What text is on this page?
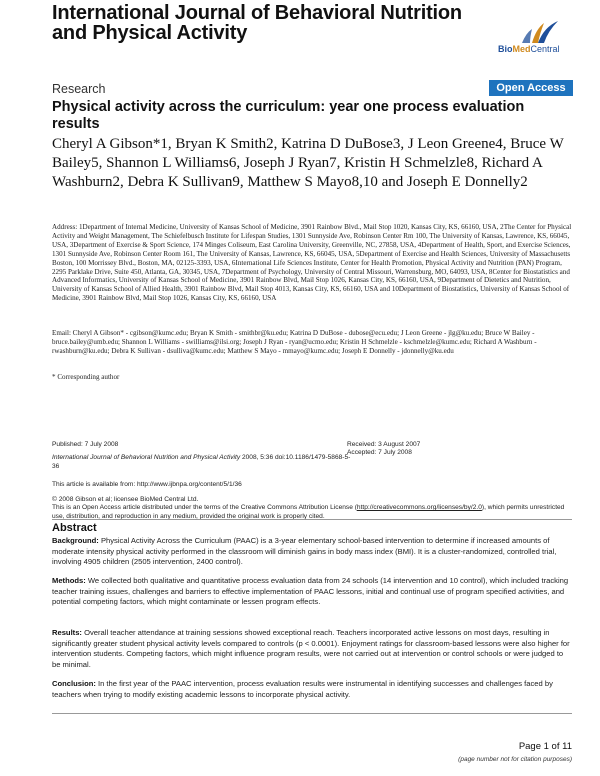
International Journal of Behavioral Nutrition and Physical Activity
BioMedCentral
Research	Open Access
Physical activity across the curriculum: year one process evaluation results
Cheryl A Gibson*1, Bryan K Smith2, Katrina D DuBose3, J Leon Greene4, Bruce W Bailey5, Shannon L Williams6, Joseph J Ryan7, Kristin H Schmelzle8, Richard A Washburn2, Debra K Sullivan9, Matthew S Mayo8,10 and Joseph E Donnelly2
Address: 1Department of Internal Medicine, University of Kansas School of Medicine, 3901 Rainbow Blvd., Mail Stop 1020, Kansas City, KS, 66160, USA, 2The Center for Physical Activity and Weight Management, The Schiefelbusch Institute for Lifespan Studies, 1301 Sunnyside Ave, Robinson Center Rm 100, The University of Kansas, Lawrence, KS, 66045, USA, 3Department of Exercise & Sport Science, 174 Minges Coliseum, East Carolina University, Greenville, NC, 27858, USA, 4Department of Health, Sport, and Exercise Sciences, 1301 Sunnyside Ave, Robinson Center Room 161, The University of Kansas, Lawrence, KS, 66045, USA, 5Department of Exercise and Health Sciences, University of Massachusetts Boston, 100 Morrissey Blvd., Boston, MA, 02125-3393, USA, 6International Life Sciences Institute, Center for Health Promotion, Physical Activity and Nutrition (PAN) Program, 2295 Parklake Drive, Suite 450, Atlanta, GA, 30345, USA, 7Department of Psychology, University of Central Missouri, Warrensburg, MO, 64093, USA, 8Center for Biostatistics and Advanced Informatics, University of Kansas School of Medicine, 3901 Rainbow Blvd, Mail Stop 1026, Kansas City, KS, 66160, USA, 9Department of Dietetics and Nutrition, University of Kansas School of Allied Health, 3901 Rainbow Blvd, Mail Stop 4013, Kansas City, KS, 66160, USA and 10Department of Biostatistics, University of Kansas School of Medicine, 3901 Rainbow Blvd, Mail Stop 1026, Kansas City, KS, 66160, USA
Email: Cheryl A Gibson* - cgibson@kumc.edu; Bryan K Smith - smithbr@ku.edu; Katrina D DuBose - dubose@ecu.edu; J Leon Greene - jlg@ku.edu; Bruce W Bailey - bruce.bailey@umb.edu; Shannon L Williams - swilliams@ilsi.org; Joseph J Ryan - ryan@ucmo.edu; Kristin H Schmelzle - kschmelzle@kumc.edu; Richard A Washburn - rwashburn@ku.edu; Debra K Sullivan - dsulliva@kumc.edu; Matthew S Mayo - mmayo@kumc.edu; Joseph E Donnelly - jdonnelly@ku.edu
* Corresponding author
Published: 7 July 2008
International Journal of Behavioral Nutrition and Physical Activity 2008, 5:36 doi:10.1186/1479-5868-5-36
Received: 3 August 2007
Accepted: 7 July 2008
This article is available from: http://www.ijbnpa.org/content/5/1/36
© 2008 Gibson et al; licensee BioMed Central Ltd.
This is an Open Access article distributed under the terms of the Creative Commons Attribution License (http://creativecommons.org/licenses/by/2.0), which permits unrestricted use, distribution, and reproduction in any medium, provided the original work is properly cited.
Abstract
Background: Physical Activity Across the Curriculum (PAAC) is a 3-year elementary school-based intervention to determine if increased amounts of moderate intensity physical activity performed in the classroom will diminish gains in body mass index (BMI). It is a cluster-randomized, controlled trial, involving 4905 children (2505 intervention, 2400 control).
Methods: We collected both qualitative and quantitative process evaluation data from 24 schools (14 intervention and 10 control), which included tracking teacher training issues, challenges and barriers to effective implementation of PAAC lessons, initial and continual use of program specified activities, and potential competing factors, which might contaminate or lessen program effects.
Results: Overall teacher attendance at training sessions showed exceptional reach. Teachers incorporated active lessons on most days, resulting in significantly greater student physical activity levels compared to controls (p < 0.0001). Enjoyment ratings for classroom-based lessons were also higher for intervention students. Competing factors, which might influence program results, were not carried out at intervention or control schools or were judged to be minimal.
Conclusion: In the first year of the PAAC intervention, process evaluation results were instrumental in identifying successes and challenges faced by teachers when trying to modify existing academic lessons to incorporate physical activity.
Page 1 of 11
(page number not for citation purposes)
